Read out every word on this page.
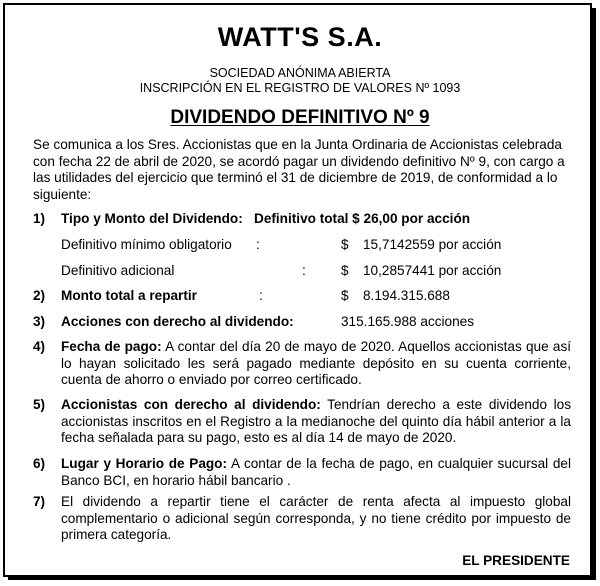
WATT'S S.A.
SOCIEDAD ANÓNIMA ABIERTA
INSCRIPCIÓN EN EL REGISTRO DE VALORES Nº 1093
DIVIDENDO DEFINITIVO Nº 9
Se comunica a los Sres. Accionistas que en la Junta Ordinaria de Accionistas celebrada con fecha 22 de abril de 2020, se acordó pagar un dividendo definitivo Nº 9, con cargo a las utilidades del ejercicio que terminó el 31 de diciembre de 2019, de conformidad a lo siguiente:
1) Tipo y Monto del Dividendo: Definitivo total $ 26,00 por acción
Definitivo mínimo obligatorio :	$ 15,7142559 por acción
Definitivo adicional	:	$ 10,2857441 por acción
2) Monto total a repartir	:	$ 8.194.315.688
3) Acciones con derecho al dividendo:	315.165.988 acciones
4) Fecha de pago: A contar del día 20 de mayo de 2020. Aquellos accionistas que así lo hayan solicitado les será pagado mediante depósito en su cuenta corriente, cuenta de ahorro o enviado por correo certificado.
5) Accionistas con derecho al dividendo: Tendrían derecho a este dividendo los accionistas inscritos en el Registro a la medianoche del quinto día hábil anterior a la fecha señalada para su pago, esto es al día 14 de mayo de 2020.
6) Lugar y Horario de Pago: A contar de la fecha de pago, en cualquier sucursal del Banco BCI, en horario hábil bancario .
7) El dividendo a repartir tiene el carácter de renta afecta al impuesto global complementario o adicional según corresponda, y no tiene crédito por impuesto de primera categoría.
EL PRESIDENTE
